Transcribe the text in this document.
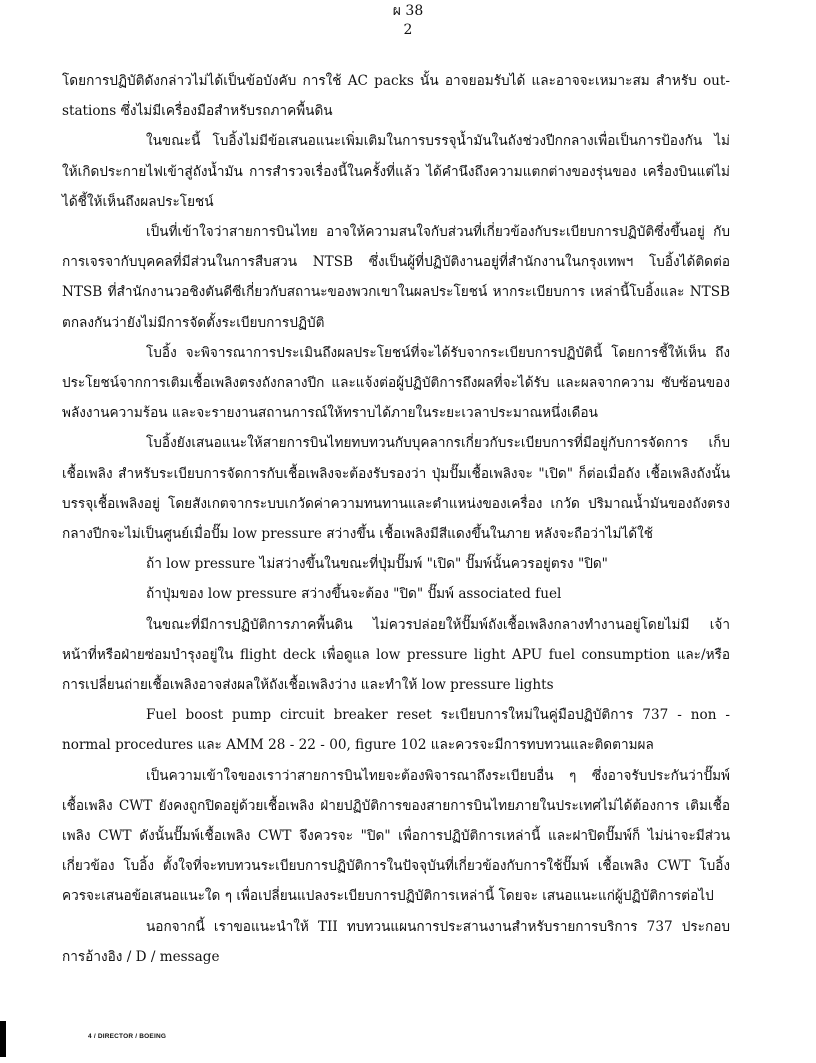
ผ 38
2

โดยการปฏิบัติดังกล่าวไม่ได้เป็นข้อบังคับ การใช้ AC packs นั้น อาจยอมรับได้ และอาจจะเหมาะสม สำหรับ out-stations ซึ่งไม่มีเครื่องมือสำหรับรถภาคพื้นดิน

ในขณะนี้ โบอิ้งไม่มีข้อเสนอแนะเพิ่มเติมในการบรรจุน้ำมันในถังช่วงปีกกลางเพื่อเป็นการป้องกัน ไม่ให้เกิดประกายไฟเข้าสู่ถังน้ำมัน การสำรวจเรื่องนี้ในครั้งที่แล้ว ได้คำนึงถึงความแตกต่างของรุ่นของ เครื่องบินแต่ไม่ได้ชี้ให้เห็นถึงผลประโยชน์

เป็นที่เข้าใจว่าสายการบินไทย อาจให้ความสนใจกับส่วนที่เกี่ยวข้องกับระเบียบการปฏิบัติซึ่งขึ้นอยู่ กับการเจรจากับบุคคลที่มีส่วนในการสืบสวน NTSB ซึ่งเป็นผู้ที่ปฏิบัติงานอยู่ที่สำนักงานในกรุงเทพฯ โบอิ้งได้ติดต่อ NTSB ที่สำนักงานวอชิงตันดีซีเกี่ยวกับสถานะของพวกเขาในผลประโยชน์ หากระเบียบการ เหล่านี้โบอิ้งและ NTSB ตกลงกันว่ายังไม่มีการจัดตั้งระเบียบการปฏิบัติ

โบอิ้ง จะพิจารณาการประเมินถึงผลประโยชน์ที่จะได้รับจากระเบียบการปฏิบัตินี้ โดยการชี้ให้เห็น ถึงประโยชน์จากการเติมเชื้อเพลิงตรงถังกลางปีก และแจ้งต่อผู้ปฏิบัติการถึงผลที่จะได้รับ และผลจากความ ซับซ้อนของพลังงานความร้อน และจะรายงานสถานการณ์ให้ทราบได้ภายในระยะเวลาประมาณหนึ่งเดือน

โบอิ้งยังเสนอแนะให้สายการบินไทยทบทวนกับบุคลากรเกี่ยวกับระเบียบการที่มีอยู่กับการจัดการ เก็บเชื้อเพลิง สำหรับระเบียบการจัดการกับเชื้อเพลิงจะต้องรับรองว่า ปุ่มปั๊มเชื้อเพลิงจะ "เปิด" ก็ต่อเมื่อถัง เชื้อเพลิงถังนั้นบรรจุเชื้อเพลิงอยู่ โดยสังเกตจากระบบเกวัดค่าความทนทานและตำแหน่งของเครื่อง เกวัด ปริมาณน้ำมันของถังตรงกลางปีกจะไม่เป็นศูนย์เมื่อปั๊ม low pressure สว่างขึ้น เชื้อเพลิงมีสีแดงขึ้นในภาย หลังจะถือว่าไม่ได้ใช้

ถ้า low pressure ไม่สว่างขึ้นในขณะที่ปุ่มปั๊มพ์ "เปิด" ปั๊มพ์นั้นควรอยู่ตรง "ปิด"

ถ้าปุ่มของ low pressure สว่างขึ้นจะต้อง "ปิด" ปั๊มพ์ associated fuel

ในขณะที่มีการปฏิบัติการภาคพื้นดิน ไม่ควรปล่อยให้ปั๊มพ์ถังเชื้อเพลิงกลางทำงานอยู่โดยไม่มี เจ้าหน้าที่หรือฝ่ายซ่อมบำรุงอยู่ใน flight deck เพื่อดูแล low pressure light APU fuel consumption และ/หรือ การเปลี่ยนถ่ายเชื้อเพลิงอาจส่งผลให้ถังเชื้อเพลิงว่าง และทำให้ low pressure lights

Fuel boost pump circuit breaker reset ระเบียบการใหม่ในคู่มือปฏิบัติการ 737 - non - normal procedures และ AMM 28 - 22 - 00, figure 102 และควรจะมีการทบทวนและติดตามผล

เป็นความเข้าใจของเราว่าสายการบินไทยจะต้องพิจารณาถึงระเบียบอื่น ๆ ซึ่งอาจรับประกันว่าปั๊มพ์ เชื้อเพลิง CWT ยังคงถูกปิดอยู่ด้วยเชื้อเพลิง ฝ่ายปฏิบัติการของสายการบินไทยภายในประเทศไม่ได้ต้องการ เติมเชื้อเพลิง CWT ดังนั้นปั๊มพ์เชื้อเพลิง CWT จึงควรจะ "ปิด" เพื่อการปฏิบัติการเหล่านี้ และฝาปิดปั๊มพ์ก็ ไม่น่าจะมีส่วนเกี่ยวข้อง โบอิ้ง ตั้งใจที่จะทบทวนระเบียบการปฏิบัติการในปัจจุบันที่เกี่ยวข้องกับการใช้ปั๊มพ์ เชื้อเพลิง CWT โบอิ้งควรจะเสนอข้อเสนอแนะใด ๆ เพื่อเปลี่ยนแปลงระเบียบการปฏิบัติการเหล่านี้ โดยจะ เสนอแนะแก่ผู้ปฏิบัติการต่อไป

นอกจากนี้ เราขอแนะนำให้ TII ทบทวนแผนการประสานงานสำหรับรายการบริการ 737 ประกอบ การอ้างอิง / D / message

4 / DIRECTOR / BOEING
